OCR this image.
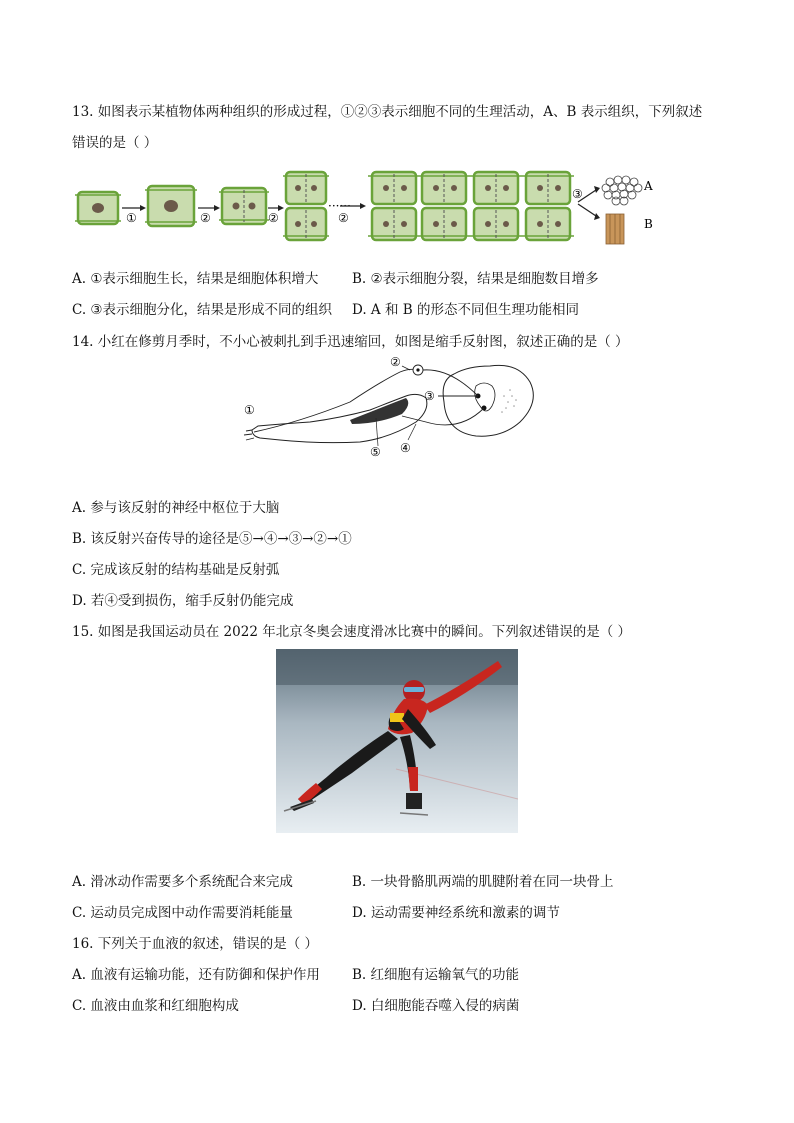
13. 如图表示某植物体两种组织的形成过程，①②③表示细胞不同的生理活动，A、B 表示组织，下列叙述
错误的是（ ）
①	②	②
······
②
③
A
B
A. ①表示细胞生长，结果是细胞体积增大 B. ②表示细胞分裂，结果是细胞数目增多
C. ③表示细胞分化，结果是形成不同的组织 D. A 和 B 的形态不同但生理功能相同
14. 小红在修剪月季时，不小心被刺扎到手迅速缩回，如图是缩手反射图，叙述正确的是（ ）
①
②
③
④
⑤
A. 参与该反射的神经中枢位于大脑
B. 该反射兴奋传导的途径是⑤→④→③→②→①
C. 完成该反射的结构基础是反射弧
D. 若④受到损伤，缩手反射仍能完成
15. 如图是我国运动员在 2022 年北京冬奥会速度滑冰比赛中的瞬间。下列叙述错误的是（ ）
A. 滑冰动作需要多个系统配合来完成	B. 一块骨骼肌两端的肌腱附着在同一块骨上
C. 运动员完成图中动作需要消耗能量	D. 运动需要神经系统和激素的调节
16. 下列关于血液的叙述，错误的是（ ）
A. 血液有运输功能，还有防御和保护作用 B. 红细胞有运输氧气的功能
C. 血液由血浆和红细胞构成	D. 白细胞能吞噬入侵的病菌
